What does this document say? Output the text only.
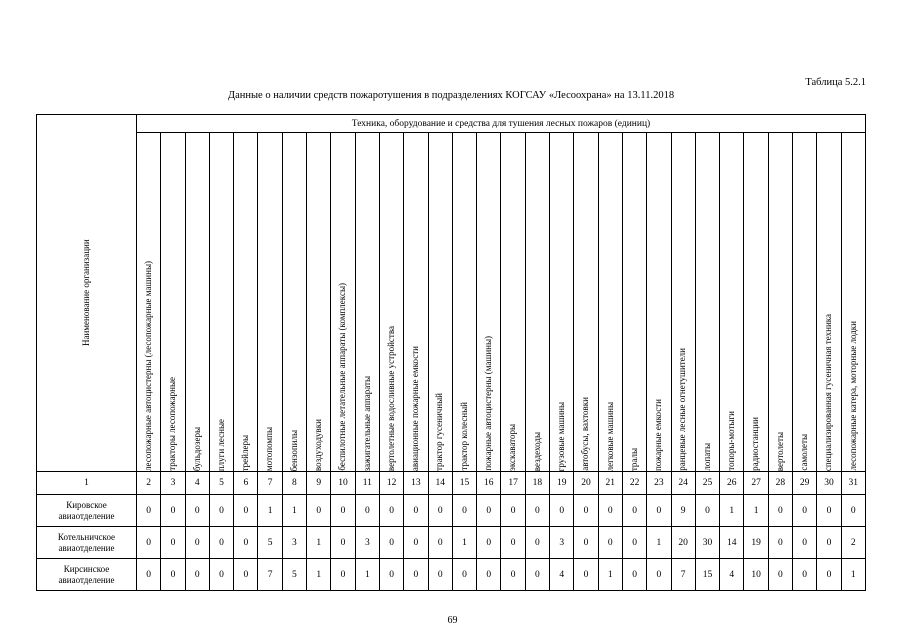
Таблица 5.2.1
Данные о наличии средств пожаротушения в подразделениях КОГСАУ «Лесоохрана» на 13.11.2018
Наименование организации	Техника, оборудование и средства для тушения лесных пожаров (единиц)																													

	лесопожарные автоцистерны (лесопожарные машины)	тракторы лесопожарные	бульдозеры	плуги лесные	трейлеры	мотопомпы	бензопилы	воздуходувки	беспилотные летательные аппараты (комплексы)	зажигательные аппараты	вертолетные водосливные устройства	авиационные пожарные емкости	трактор гусеничный	трактор колесный	пожарные автоцистерны (машины)	экскаваторы	вездеходы	грузовые машины	автобусы, вахтовки	легковые машины	тралы	пожарные емкости	ранцевые лесные огнетушители	лопаты	топоры-мотыги	радиостанции	вертолеты	самолеты	специализированная гусеничная техника	лесопожарные катера, моторные лодки

1	2	3	4	5	6	7	8	9	10	11	12	13	14	15	16	17	18	19	20	21	22	23	24	25	26	27	28	29	30	31

Кировское
авиаотделение	0	0	0	0	0	1	1	0	0	0	0	0	0	0	0	0	0	0	0	0	0	0	9	0	1	1	0	0	0	0

Котельничское
авиаотделение	0	0	0	0	0	5	3	1	0	3	0	0	0	1	0	0	0	3	0	0	0	1	20	30	14	19	0	0	0	2

Кирсинское
авиаотделение	0	0	0	0	0	7	5	1	0	1	0	0	0	0	0	0	0	4	0	1	0	0	7	15	4	10	0	0	0	1
69
